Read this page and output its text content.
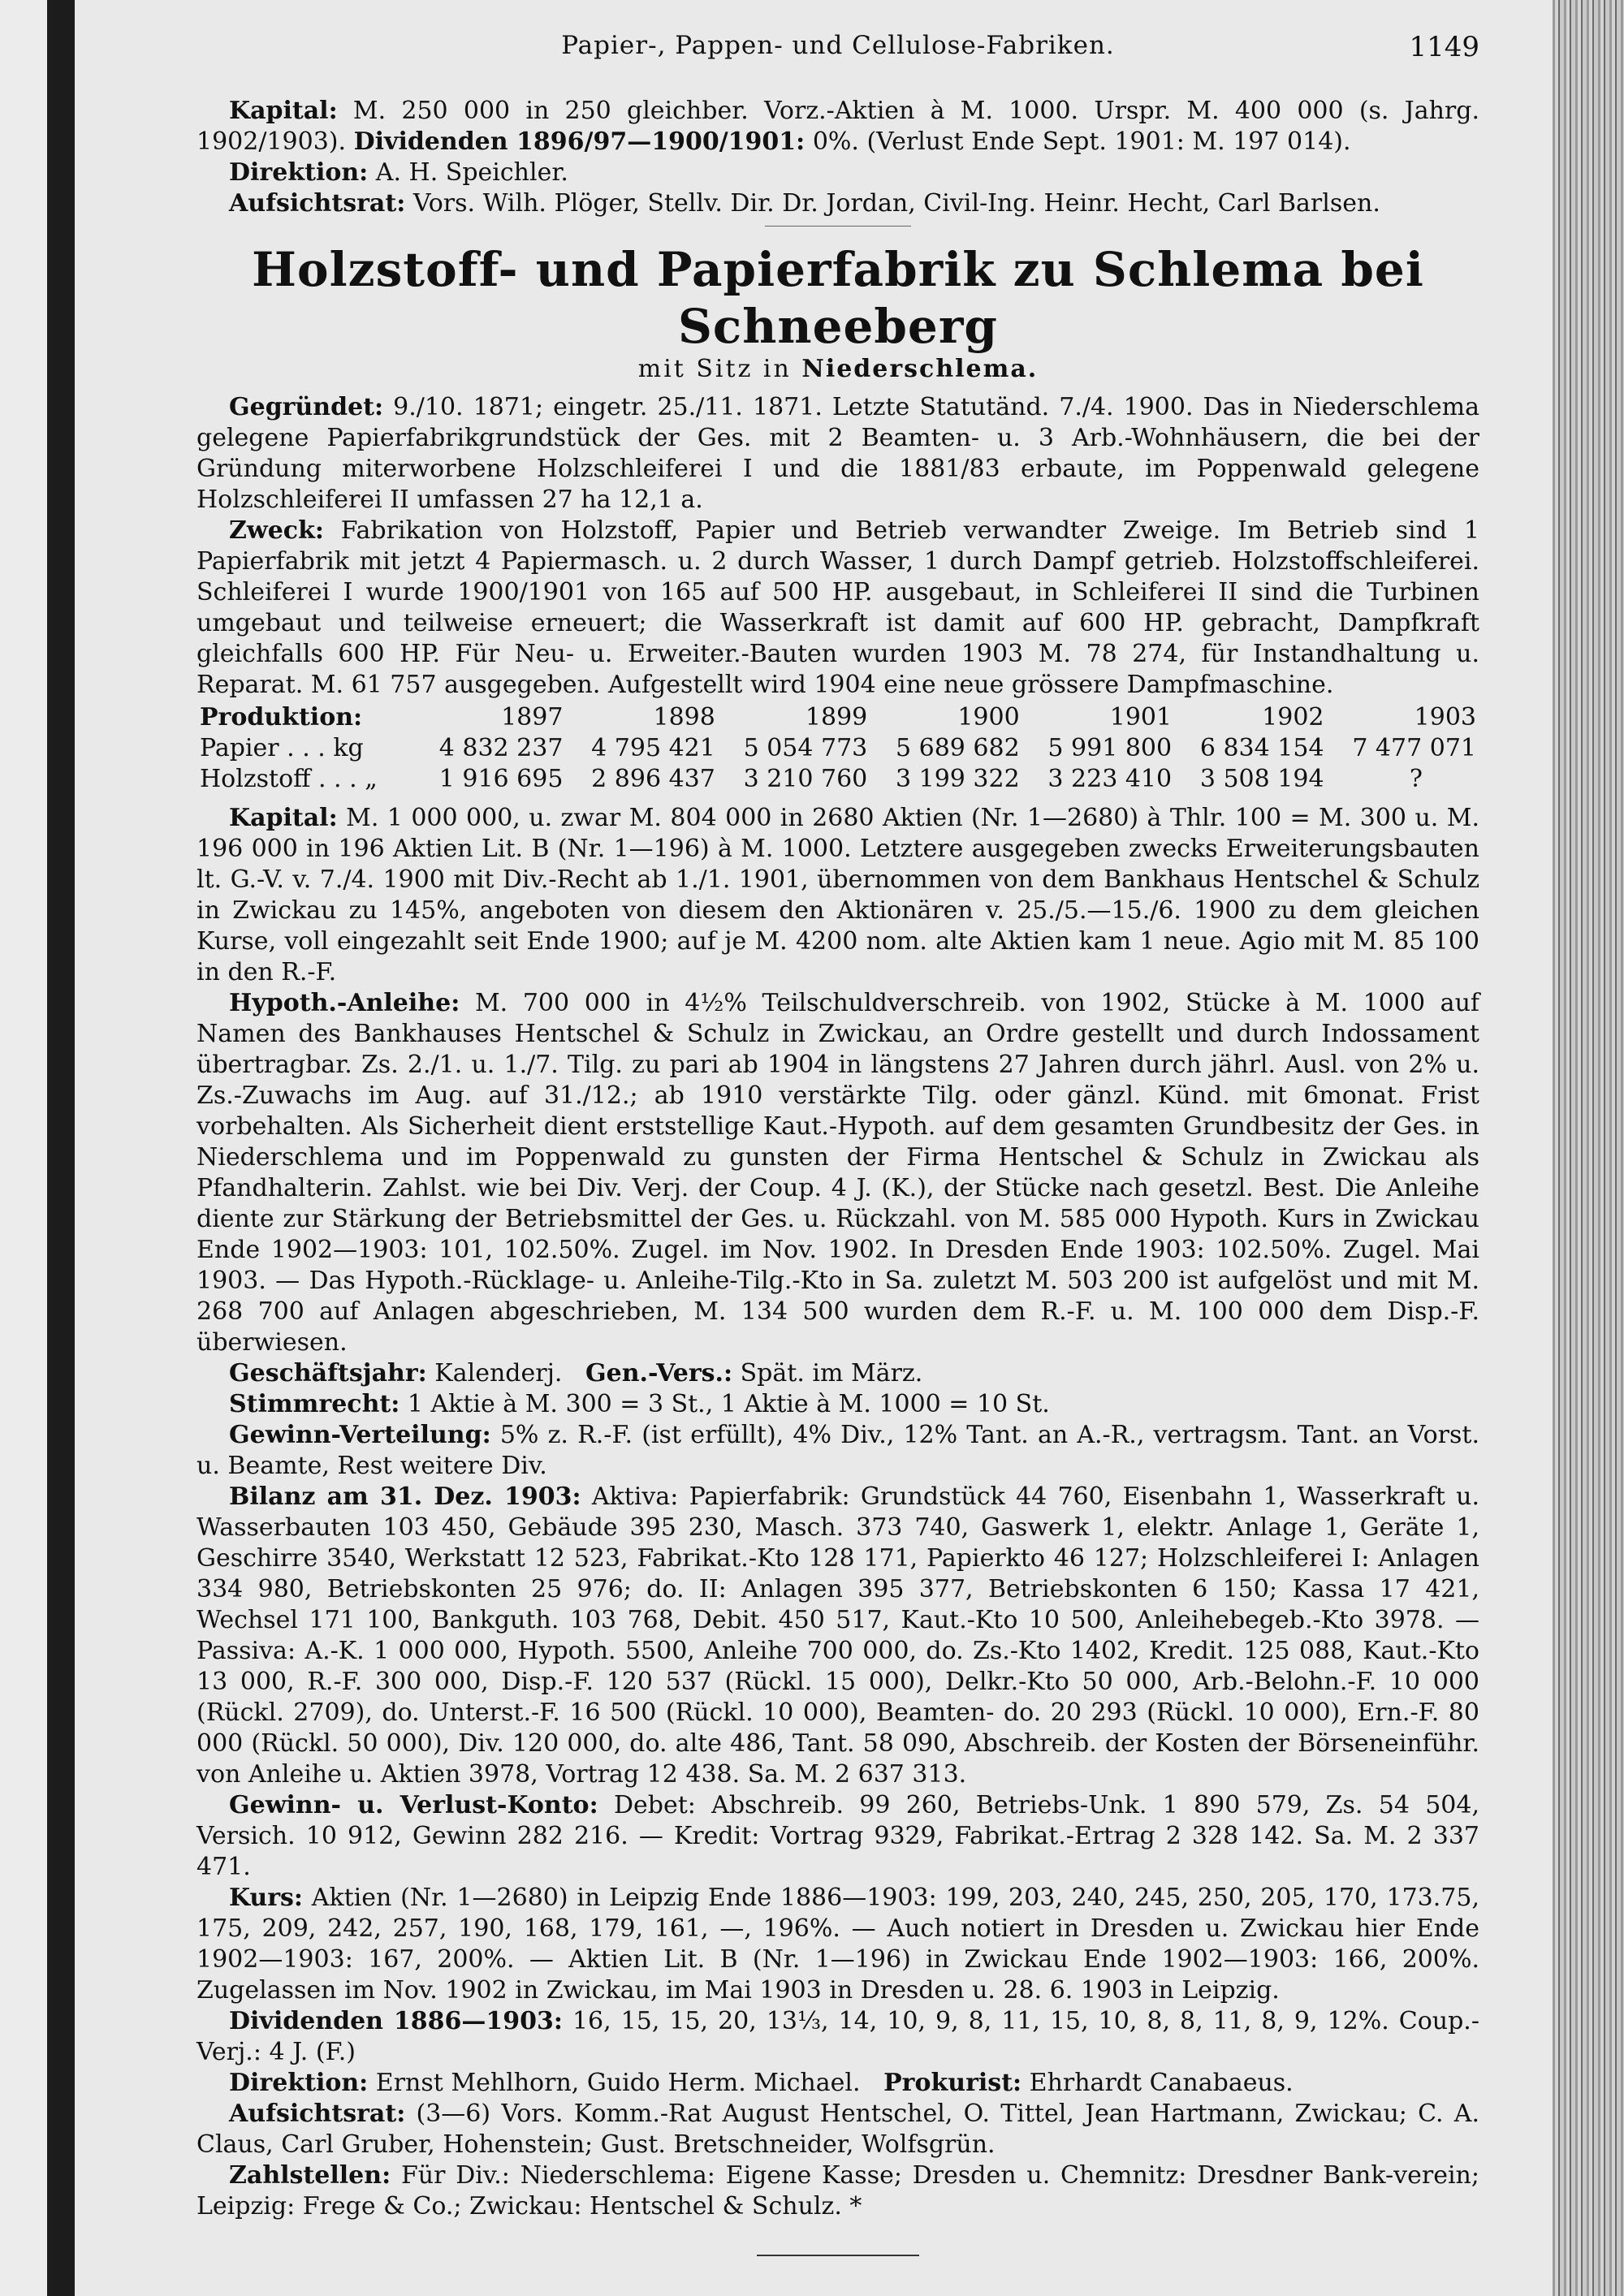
Papier-, Pappen- und Cellulose-Fabriken.	1149

Kapital: M. 250 000 in 250 gleichber. Vorz.-Aktien à M. 1000. Urspr. M. 400 000 (s. Jahrg. 1902/1903). Dividenden 1896/97—1900/1901: 0%. (Verlust Ende Sept. 1901: M. 197 014).

Direktion: A. H. Speichler.

Aufsichtsrat: Vors. Wilh. Plöger, Stellv. Dir. Dr. Jordan, Civil-Ing. Heinr. Hecht, Carl Barlsen.

Holzstoff- und Papierfabrik zu Schlema bei Schneeberg
mit Sitz in Niederschlema.

Gegründet: 9./10. 1871; eingetr. 25./11. 1871. Letzte Statutänd. 7./4. 1900. Das in Niederschlema gelegene Papierfabrikgrundstück der Ges. mit 2 Beamten- u. 3 Arb.-Wohnhäusern, die bei der Gründung miterworbene Holzschleiferei I und die 1881/83 erbaute, im Poppenwald gelegene Holzschleiferei II umfassen 27 ha 12,1 a.

Zweck: Fabrikation von Holzstoff, Papier und Betrieb verwandter Zweige. Im Betrieb sind 1 Papierfabrik mit jetzt 4 Papiermasch. u. 2 durch Wasser, 1 durch Dampf getrieb. Holzstoffschleiferei. Schleiferei I wurde 1900/1901 von 165 auf 500 HP. ausgebaut, in Schleiferei II sind die Turbinen umgebaut und teilweise erneuert; die Wasserkraft ist damit auf 600 HP. gebracht, Dampfkraft gleichfalls 600 HP. Für Neu- u. Erweiter.-Bauten wurden 1903 M. 78 274, für Instandhaltung u. Reparat. M. 61 757 ausgegeben. Aufgestellt wird 1904 eine neue grössere Dampfmaschine.

Produktion:	1897	1898	1899	1900	1901	1902	1903
Papier . . . kg	4 832 237	4 795 421	5 054 773	5 689 682	5 991 800	6 834 154	7 477 071
Holzstoff . . . „	1 916 695	2 896 437	3 210 760	3 199 322	3 223 410	3 508 194	?

Kapital: M. 1 000 000, u. zwar M. 804 000 in 2680 Aktien (Nr. 1—2680) à Thlr. 100 = M. 300 u. M. 196 000 in 196 Aktien Lit. B (Nr. 1—196) à M. 1000. Letztere ausgegeben zwecks Erweiterungsbauten lt. G.-V. v. 7./4. 1900 mit Div.-Recht ab 1./1. 1901, übernommen von dem Bankhaus Hentschel & Schulz in Zwickau zu 145%, angeboten von diesem den Aktionären v. 25./5.—15./6. 1900 zu dem gleichen Kurse, voll eingezahlt seit Ende 1900; auf je M. 4200 nom. alte Aktien kam 1 neue. Agio mit M. 85 100 in den R.-F.

Hypoth.-Anleihe: M. 700 000 in 4½% Teilschuldverschreib. von 1902, Stücke à M. 1000 auf Namen des Bankhauses Hentschel & Schulz in Zwickau, an Ordre gestellt und durch Indossament übertragbar. Zs. 2./1. u. 1./7. Tilg. zu pari ab 1904 in längstens 27 Jahren durch jährl. Ausl. von 2% u. Zs.-Zuwachs im Aug. auf 31./12.; ab 1910 verstärkte Tilg. oder gänzl. Künd. mit 6monat. Frist vorbehalten. Als Sicherheit dient erststellige Kaut.-Hypoth. auf dem gesamten Grundbesitz der Ges. in Niederschlema und im Poppenwald zu gunsten der Firma Hentschel & Schulz in Zwickau als Pfandhalterin. Zahlst. wie bei Div. Verj. der Coup. 4 J. (K.), der Stücke nach gesetzl. Best. Die Anleihe diente zur Stärkung der Betriebsmittel der Ges. u. Rückzahl. von M. 585 000 Hypoth. Kurs in Zwickau Ende 1902—1903: 101, 102.50%. Zugel. im Nov. 1902. In Dresden Ende 1903: 102.50%. Zugel. Mai 1903. — Das Hypoth.-Rücklage- u. Anleihe-Tilg.-Kto in Sa. zuletzt M. 503 200 ist aufgelöst und mit M. 268 700 auf Anlagen abgeschrieben, M. 134 500 wurden dem R.-F. u. M. 100 000 dem Disp.-F. überwiesen.

Geschäftsjahr: Kalenderj. Gen.-Vers.: Spät. im März.

Stimmrecht: 1 Aktie à M. 300 = 3 St., 1 Aktie à M. 1000 = 10 St.

Gewinn-Verteilung: 5% z. R.-F. (ist erfüllt), 4% Div., 12% Tant. an A.-R., vertragsm. Tant. an Vorst. u. Beamte, Rest weitere Div.

Bilanz am 31. Dez. 1903: Aktiva: Papierfabrik: Grundstück 44 760, Eisenbahn 1, Wasserkraft u. Wasserbauten 103 450, Gebäude 395 230, Masch. 373 740, Gaswerk 1, elektr. Anlage 1, Geräte 1, Geschirre 3540, Werkstatt 12 523, Fabrikat.-Kto 128 171, Papierkto 46 127; Holzschleiferei I: Anlagen 334 980, Betriebskonten 25 976; do. II: Anlagen 395 377, Betriebskonten 6 150; Kassa 17 421, Wechsel 171 100, Bankguth. 103 768, Debit. 450 517, Kaut.-Kto 10 500, Anleihebegeb.-Kto 3978. — Passiva: A.-K. 1 000 000, Hypoth. 5500, Anleihe 700 000, do. Zs.-Kto 1402, Kredit. 125 088, Kaut.-Kto 13 000, R.-F. 300 000, Disp.-F. 120 537 (Rückl. 15 000), Delkr.-Kto 50 000, Arb.-Belohn.-F. 10 000 (Rückl. 2709), do. Unterst.-F. 16 500 (Rückl. 10 000), Beamten- do. 20 293 (Rückl. 10 000), Ern.-F. 80 000 (Rückl. 50 000), Div. 120 000, do. alte 486, Tant. 58 090, Abschreib. der Kosten der Börseneinführ. von Anleihe u. Aktien 3978, Vortrag 12 438. Sa. M. 2 637 313.

Gewinn- u. Verlust-Konto: Debet: Abschreib. 99 260, Betriebs-Unk. 1 890 579, Zs. 54 504, Versich. 10 912, Gewinn 282 216. — Kredit: Vortrag 9329, Fabrikat.-Ertrag 2 328 142. Sa. M. 2 337 471.

Kurs: Aktien (Nr. 1—2680) in Leipzig Ende 1886—1903: 199, 203, 240, 245, 250, 205, 170, 173.75, 175, 209, 242, 257, 190, 168, 179, 161, —, 196%. — Auch notiert in Dresden u. Zwickau hier Ende 1902—1903: 167, 200%. — Aktien Lit. B (Nr. 1—196) in Zwickau Ende 1902—1903: 166, 200%. Zugelassen im Nov. 1902 in Zwickau, im Mai 1903 in Dresden u. 28. 6. 1903 in Leipzig.

Dividenden 1886—1903: 16, 15, 15, 20, 13⅓, 14, 10, 9, 8, 11, 15, 10, 8, 8, 11, 8, 9, 12%. Coup.-Verj.: 4 J. (F.)

Direktion: Ernst Mehlhorn, Guido Herm. Michael. Prokurist: Ehrhardt Canabaeus.

Aufsichtsrat: (3—6) Vors. Komm.-Rat August Hentschel, O. Tittel, Jean Hartmann, Zwickau; C. A. Claus, Carl Gruber, Hohenstein; Gust. Bretschneider, Wolfsgrün.

Zahlstellen: Für Div.: Niederschlema: Eigene Kasse; Dresden u. Chemnitz: Dresdner Bank-verein; Leipzig: Frege & Co.; Zwickau: Hentschel & Schulz. *
